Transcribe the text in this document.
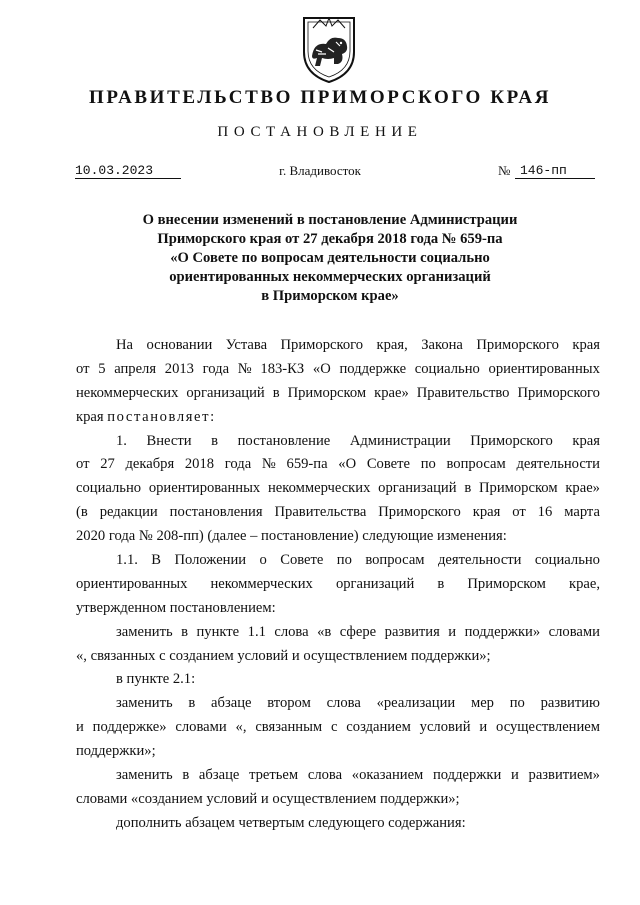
ПРАВИТЕЛЬСТВО ПРИМОРСКОГО КРАЯ
ПОСТАНОВЛЕНИЕ
10.03.2023	г. Владивосток	№ 146-пп
О внесении изменений в постановление Администрации
Приморского края от 27 декабря 2018 года № 659-па
«О Совете по вопросам деятельности социально
ориентированных некоммерческих организаций
в Приморском крае»
На основании Устава Приморского края, Закона Приморского края
от 5 апреля 2013 года № 183-КЗ «О поддержке социально ориентированных
некоммерческих организаций в Приморском крае» Правительство Приморского
края постановляет:
1. Внести в постановление Администрации Приморского края
от 27 декабря 2018 года № 659-па «О Совете по вопросам деятельности
социально ориентированных некоммерческих организаций в Приморском крае»
(в редакции постановления Правительства Приморского края от 16 марта
2020 года № 208-пп) (далее – постановление) следующие изменения:
1.1. В Положении о Совете по вопросам деятельности социально
ориентированных некоммерческих организаций в Приморском крае,
утвержденном постановлением:
заменить в пункте 1.1 слова «в сфере развития и поддержки» словами
«, связанных с созданием условий и осуществлением поддержки»;
в пункте 2.1:
заменить в абзаце втором слова «реализации мер по развитию
и поддержке» словами «, связанным с созданием условий и осуществлением
поддержки»;
заменить в абзаце третьем слова «оказанием поддержки и развитием»
словами «созданием условий и осуществлением поддержки»;
дополнить абзацем четвертым следующего содержания:
